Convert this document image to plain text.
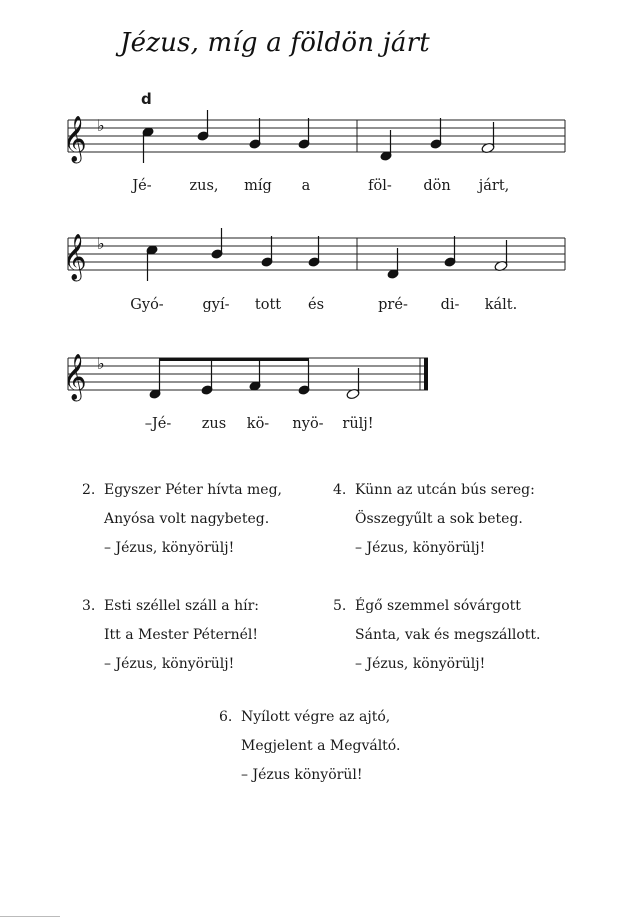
Jézus, míg a földön járt
d
𝄞 ♭
Jé-	zus, míg a	föl- dön járt,
𝄞 ♭
Gyó-	gyí- tott és	pré- di- kált.
𝄞 ♭
–Jé- zus kö- nyö- rülj!
2. Egyszer Péter hívta meg,
Anyósa volt nagybeteg.
– Jézus, könyörülj!
4. Künn az utcán bús sereg:
Összegyűlt a sok beteg.
– Jézus, könyörülj!
3. Esti széllel száll a hír:
Itt a Mester Péternél!
– Jézus, könyörülj!
5. Égő szemmel sóvárgott
Sánta, vak és megszállott.
– Jézus, könyörülj!
6. Nyílott végre az ajtó,
Megjelent a Megváltó.
– Jézus könyörül!
